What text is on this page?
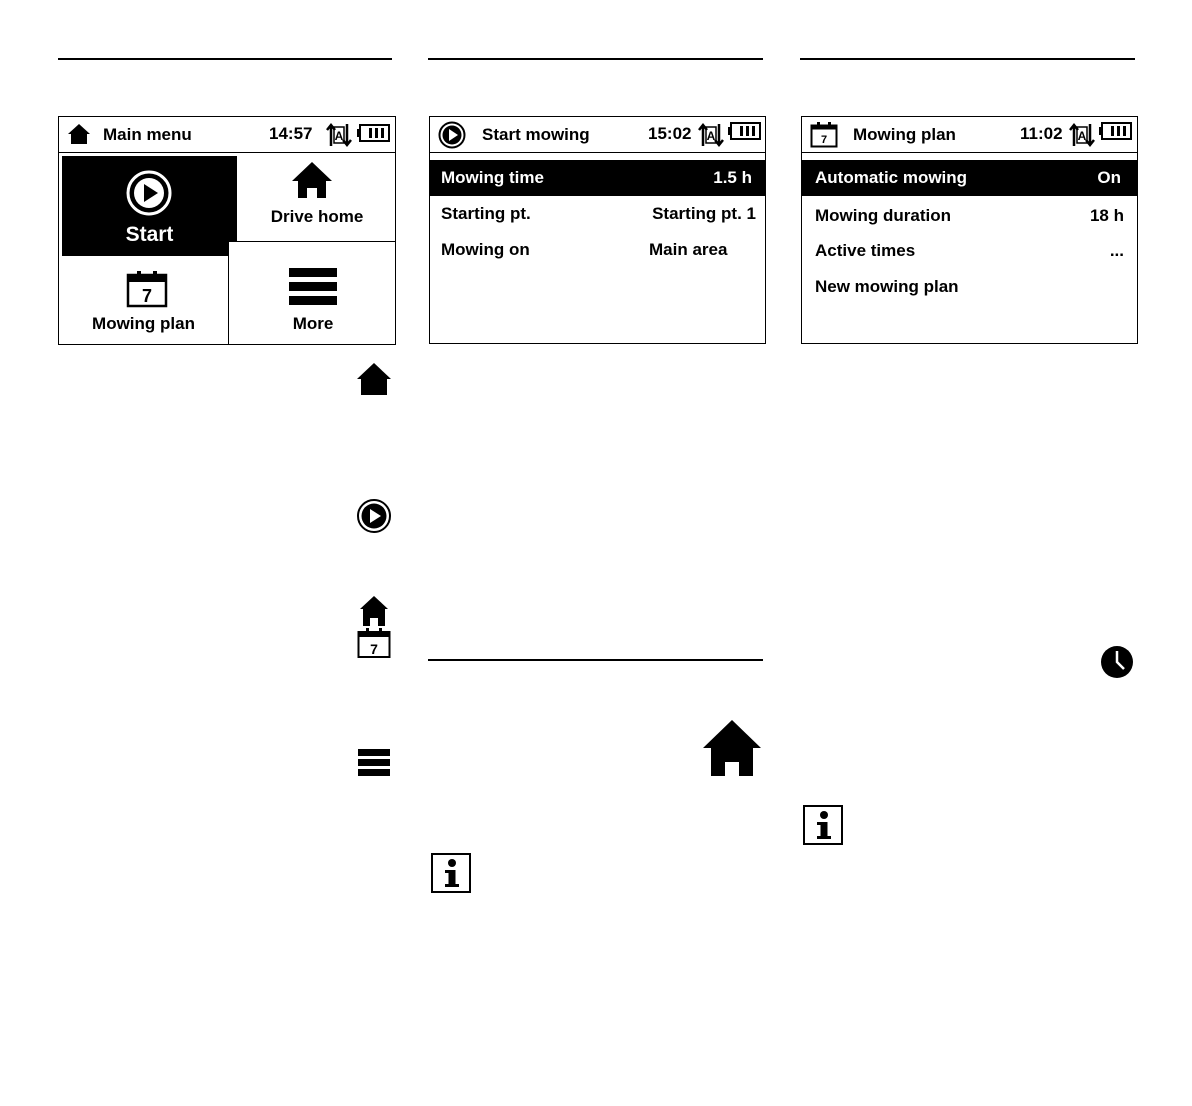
Main menu	14:57 A
Start
Drive home
7
Mowing plan	More
7
Start mowing	15:02 A
Mowing time	1.5 h
Starting pt.	Starting pt. 1
Mowing on	Main area
7 Mowing plan	11:02 A
Automatic mowing	On
Mowing duration	18 h
Active times	...
New mowing plan
